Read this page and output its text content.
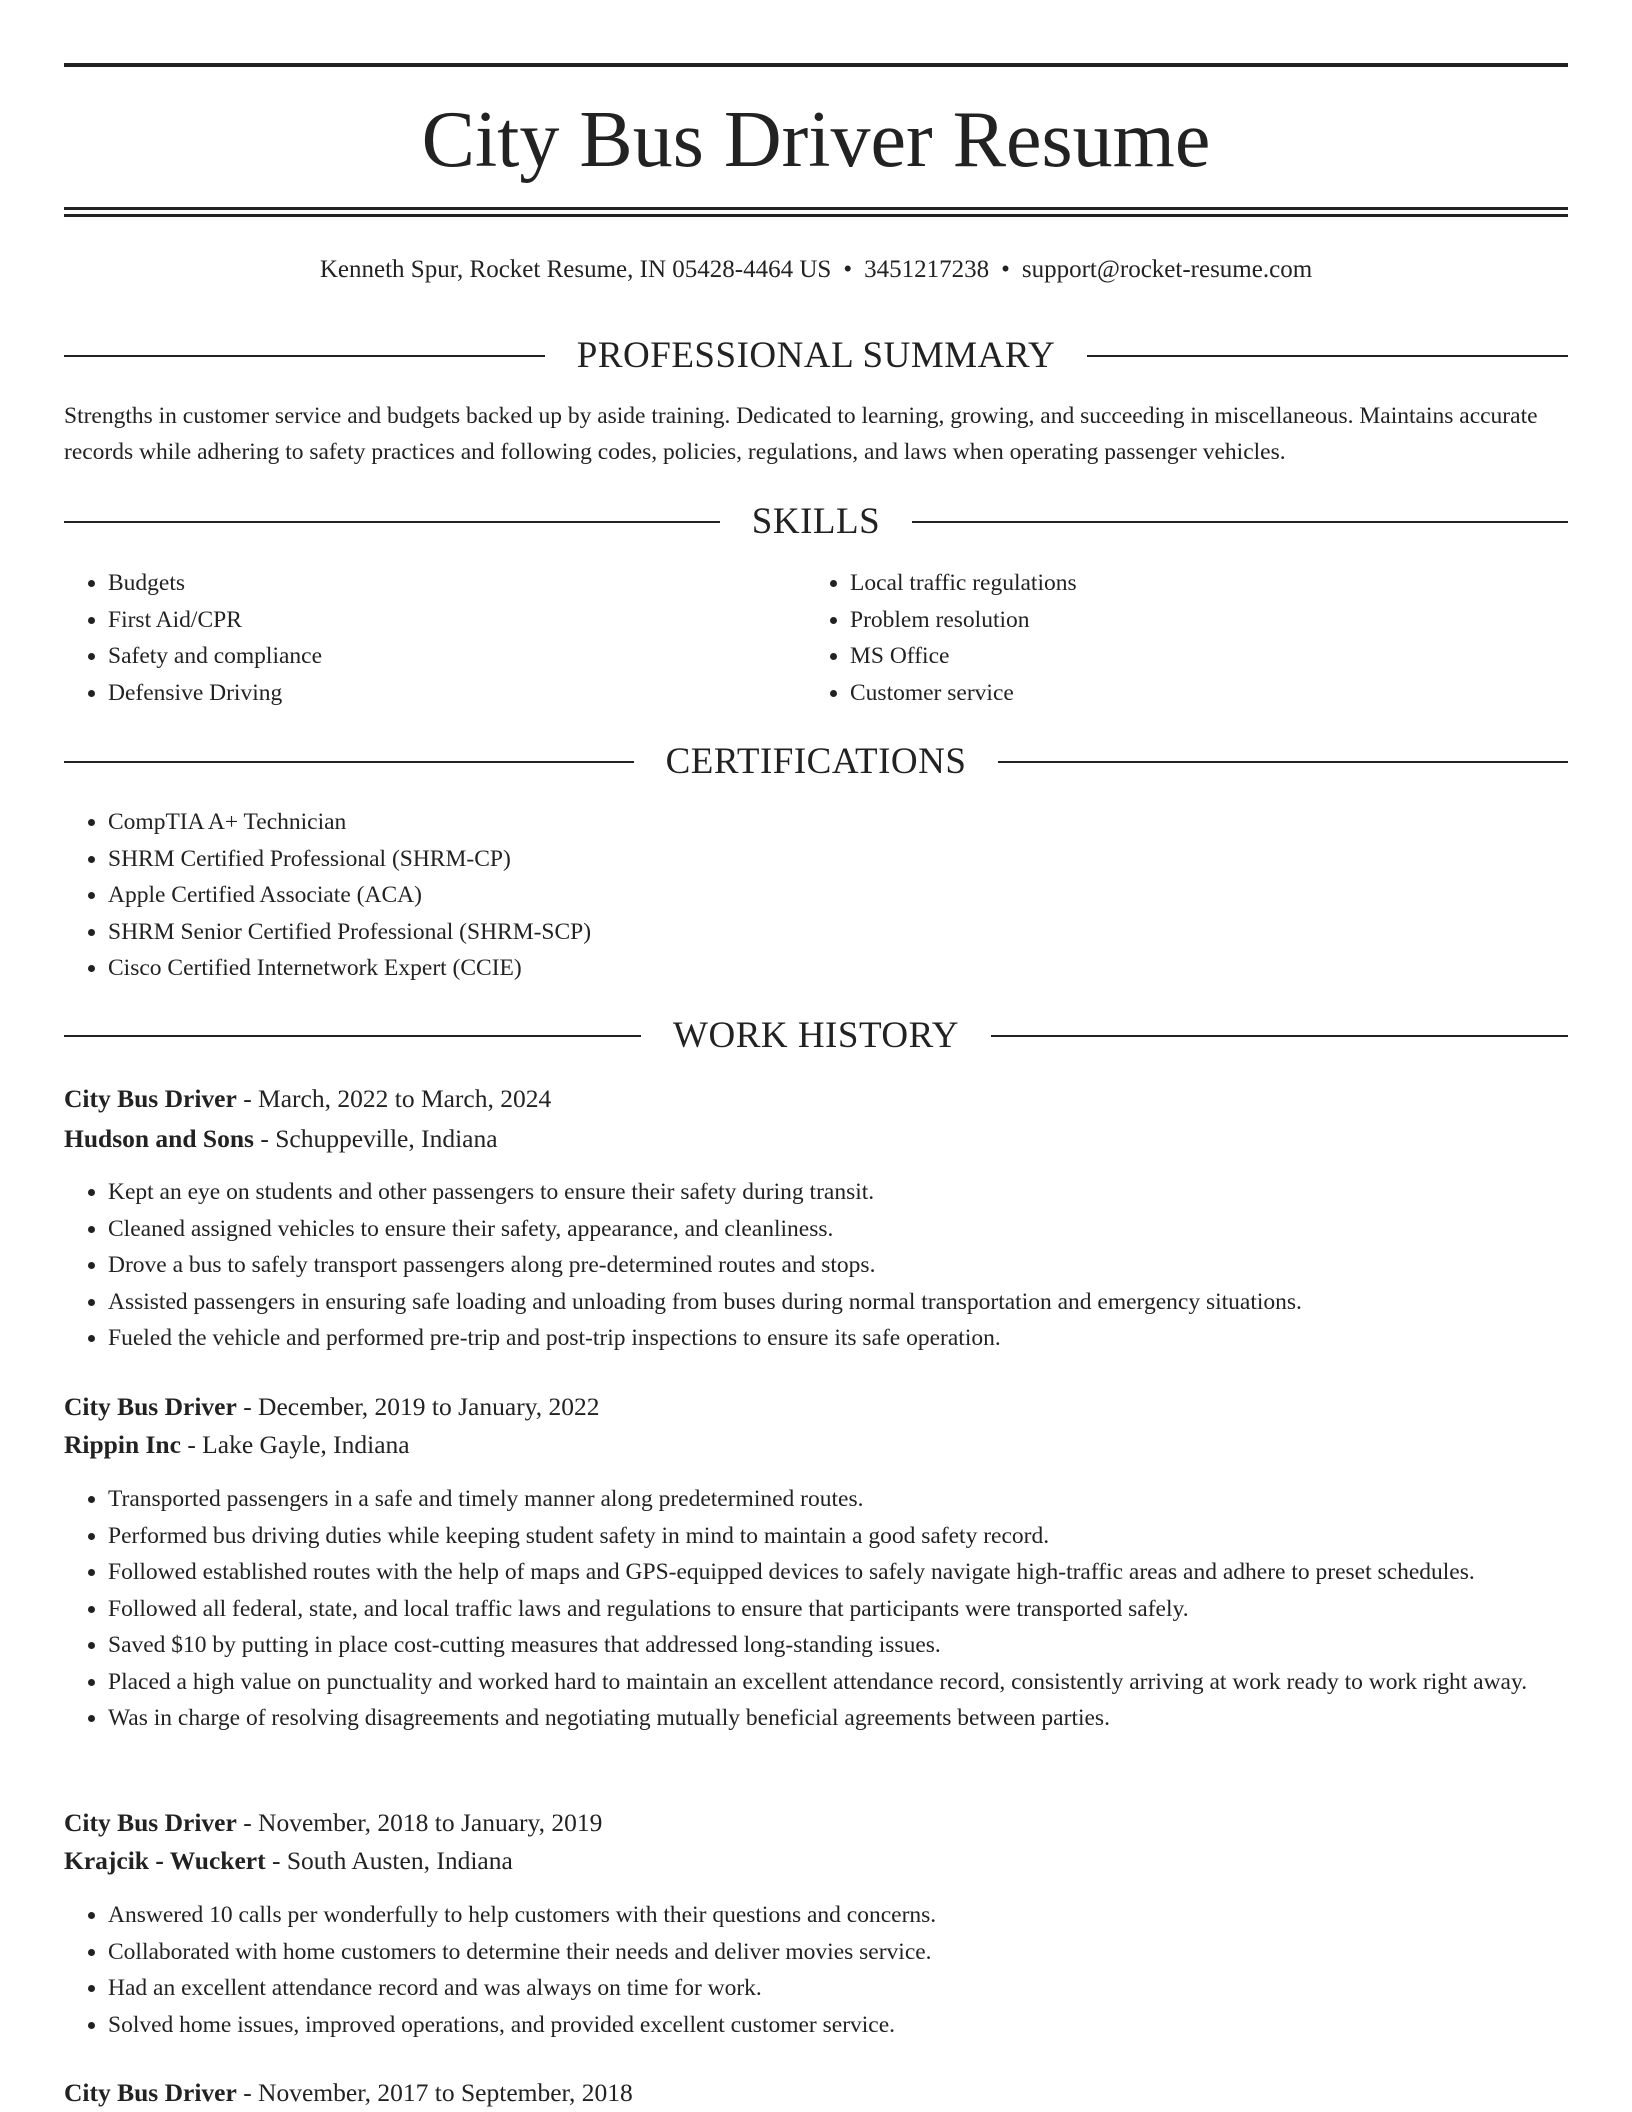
City Bus Driver Resume
Kenneth Spur, Rocket Resume, IN 05428-4464 US • 3451217238 • support@rocket-resume.com
PROFESSIONAL SUMMARY

Strengths in customer service and budgets backed up by aside training. Dedicated to learning, growing, and succeeding in miscellaneous. Maintains accurate records while adhering to safety practices and following codes, policies, regulations, and laws when operating passenger vehicles.

SKILLS
• Budgets
• First Aid/CPR
• Safety and compliance
• Defensive Driving
• Local traffic regulations
• Problem resolution
• MS Office
• Customer service
CERTIFICATIONS
• CompTIA A+ Technician
• SHRM Certified Professional (SHRM-CP)
• Apple Certified Associate (ACA)
• SHRM Senior Certified Professional (SHRM-SCP)
• Cisco Certified Internetwork Expert (CCIE)
WORK HISTORY
City Bus Driver - March, 2022 to March, 2024
Hudson and Sons - Schuppeville, Indiana
• Kept an eye on students and other passengers to ensure their safety during transit.
• Cleaned assigned vehicles to ensure their safety, appearance, and cleanliness.
• Drove a bus to safely transport passengers along pre-determined routes and stops.
• Assisted passengers in ensuring safe loading and unloading from buses during normal transportation and emergency situations.
• Fueled the vehicle and performed pre-trip and post-trip inspections to ensure its safe operation.
City Bus Driver - December, 2019 to January, 2022
Rippin Inc - Lake Gayle, Indiana
• Transported passengers in a safe and timely manner along predetermined routes.
• Performed bus driving duties while keeping student safety in mind to maintain a good safety record.
• Followed established routes with the help of maps and GPS-equipped devices to safely navigate high-traffic areas and adhere to preset schedules.
• Followed all federal, state, and local traffic laws and regulations to ensure that participants were transported safely.
• Saved $10 by putting in place cost-cutting measures that addressed long-standing issues.
• Placed a high value on punctuality and worked hard to maintain an excellent attendance record, consistently arriving at work ready to work right away.
• Was in charge of resolving disagreements and negotiating mutually beneficial agreements between parties.
City Bus Driver - November, 2018 to January, 2019
Krajcik - Wuckert - South Austen, Indiana
• Answered 10 calls per wonderfully to help customers with their questions and concerns.
• Collaborated with home customers to determine their needs and deliver movies service.
• Had an excellent attendance record and was always on time for work.
• Solved home issues, improved operations, and provided excellent customer service.
City Bus Driver - November, 2017 to September, 2018
